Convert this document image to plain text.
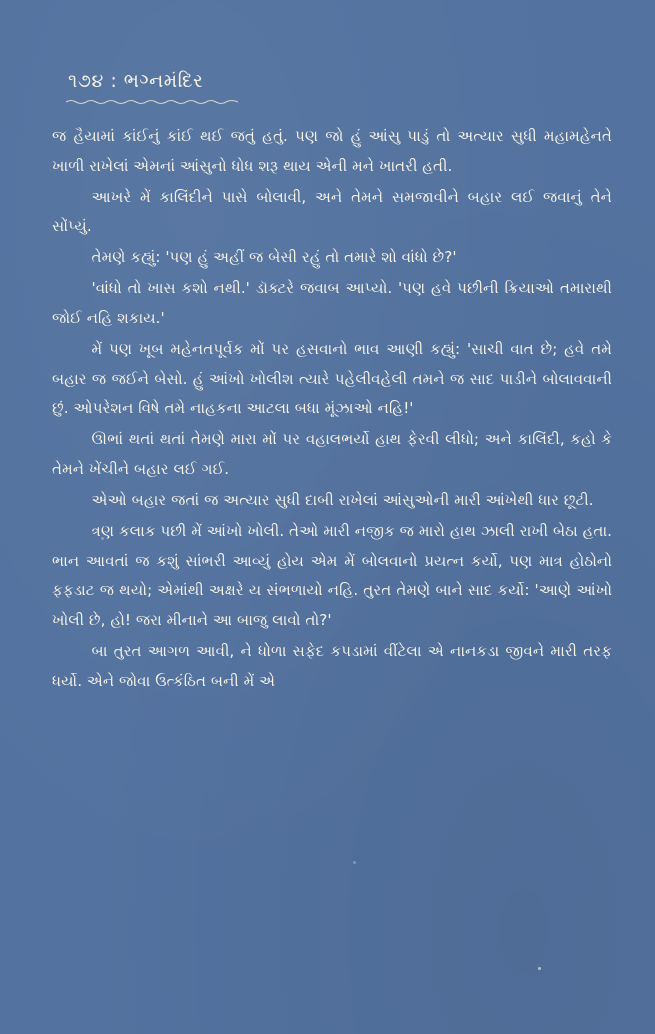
૧૭૪ : ભગ્નમંદિર

જ હૈયામાં કાંઈનું કાંઈ થઈ જતું હતું. પણ જો હું આંસુ પાડું તો અત્યાર સુધી મહામહેનતે ખાળી રાખેલાં એમનાં આંસુનો ધોધ શરૂ થાય એની મને ખાતરી હતી.

આખરે મેં કાલિંદીને પાસે બોલાવી, અને તેમને સમજાવીને બહાર લઈ જવાનું તેને સોંપ્યું.

તેમણે કહ્યું: 'પણ હું અહીં જ બેસી રહું તો તમારે શો વાંધો છે?'

'વાંધો તો ખાસ કશો નથી.' ડૉક્ટરે જવાબ આપ્યો. 'પણ હવે પછીની ક્રિયાઓ તમારાથી જોઈ નહિ શકાય.'

મેં પણ ખૂબ મહેનતપૂર્વક મોં પર હસવાનો ભાવ આણી કહ્યું: 'સાચી વાત છે; હવે તમે બહાર જ જઈને બેસો. હું આંખો ખોલીશ ત્યારે પહેલીવહેલી તમને જ સાદ પાડીને બોલાવવાની છું. ઓપરેશન વિષે તમે નાહકના આટલા બધા મૂંઝાઓ નહિ!'

ઊભાં થતાં થતાં તેમણે મારા મોં પર વહાલભર્યો હાથ ફેરવી લીધો; અને કાલિંદી, કહો કે તેમને ખેંચીને બહાર લઈ ગઈ.

એઓ બહાર જતાં જ અત્યાર સુધી દાબી રાખેલાં આંસુઓની મારી આંખેથી ધાર છૂટી.

ત્રણ કલાક પછી મેં આંખો ખોલી. તેઓ મારી નજીક જ મારો હાથ ઝાલી રાખી બેઠા હતા. ભાન આવતાં જ કશું સાંભરી આવ્યું હોય એમ મેં બોલવાનો પ્રયત્ન કર્યો, પણ માત્ર હોઠોનો ફફડાટ જ થયો; એમાંથી અક્ષરે ય સંભળાયો નહિ. તુરત તેમણે બાને સાદ કર્યો: 'આણે આંખો ખોલી છે, હો! જરા મીનાને આ બાજુ લાવો તો?'

બા તુરત આગળ આવી, ને ધોળા સફેદ કપડામાં વીંટેલા એ નાનકડા જીવને મારી તરફ ધર્યો. એને જોવા ઉત્કંઠિત બની મેં એ
